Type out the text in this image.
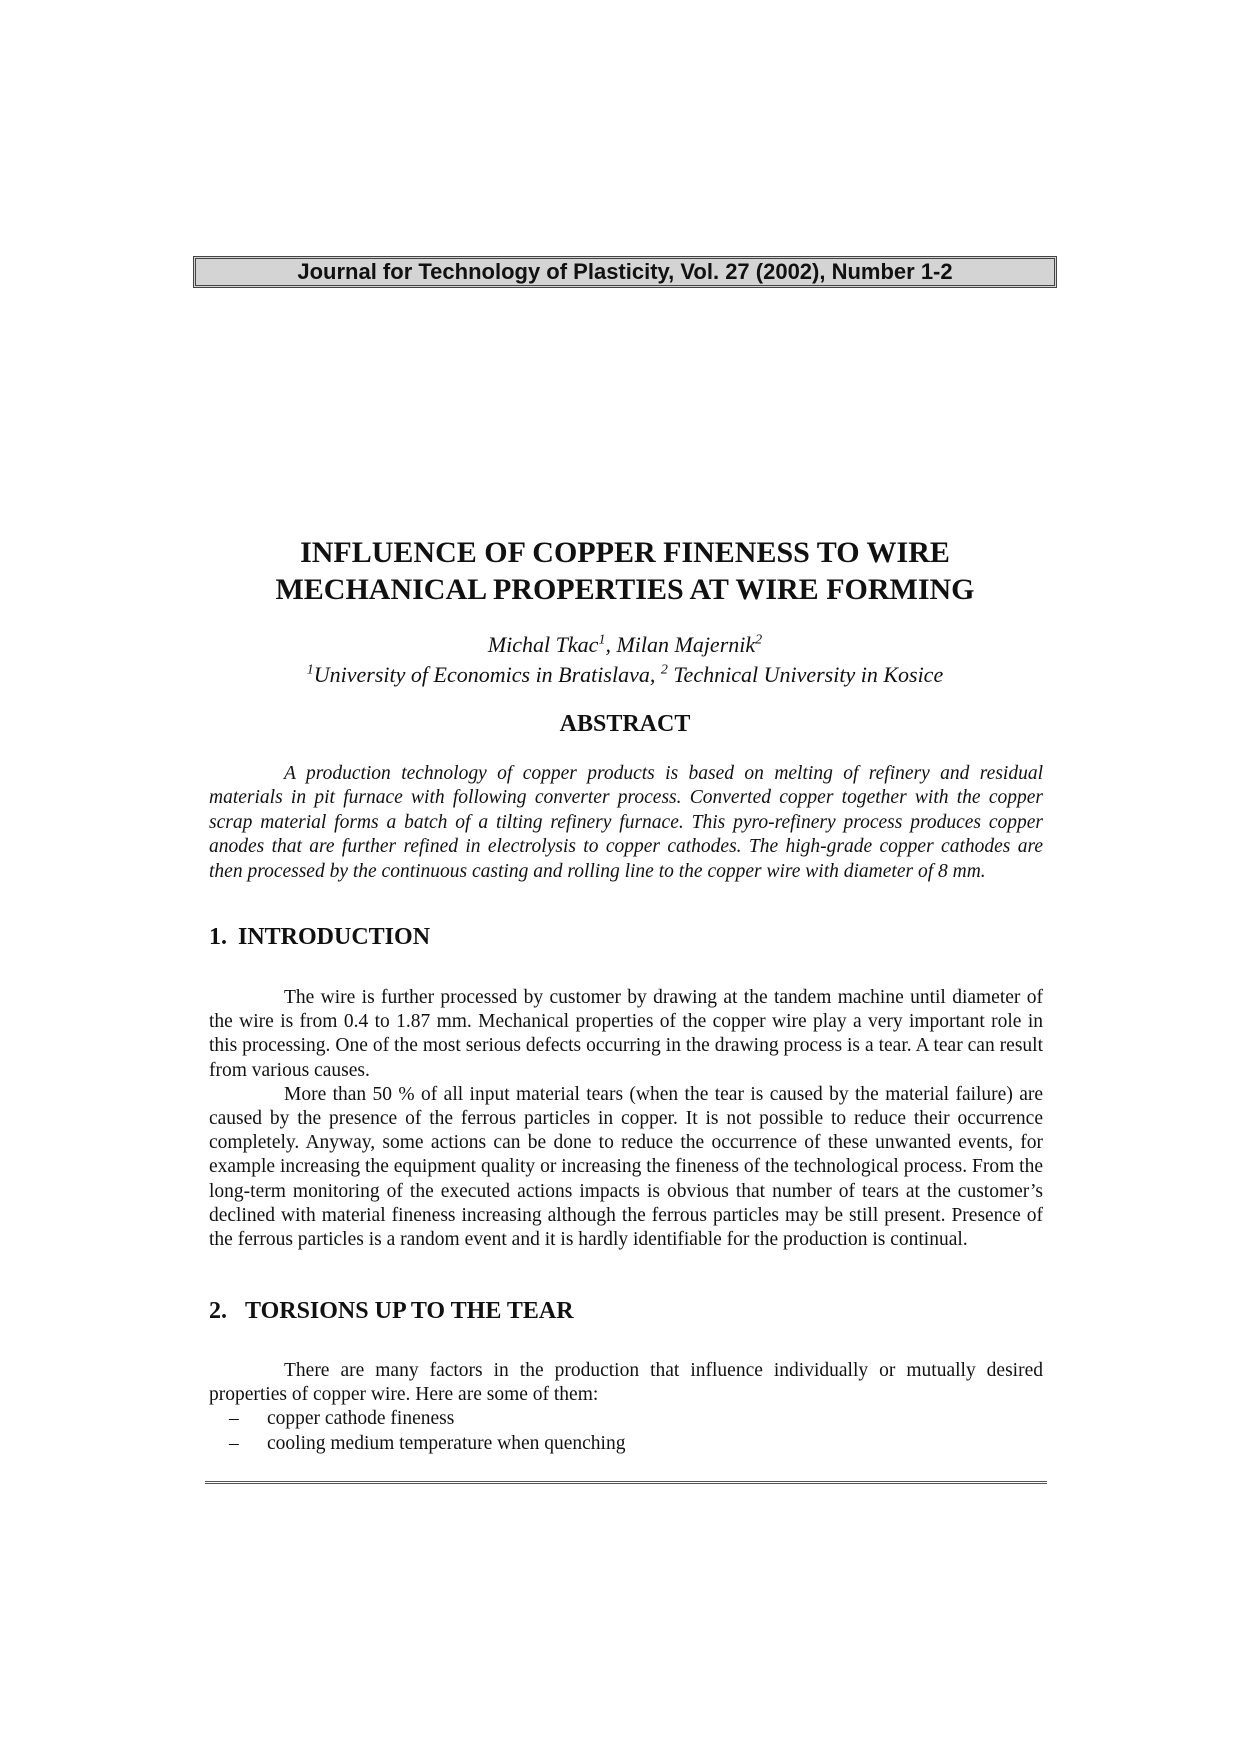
Journal for Technology of Plasticity, Vol. 27 (2002), Number 1-2
INFLUENCE OF COPPER FINENESS TO WIRE
MECHANICAL PROPERTIES AT WIRE FORMING
Michal Tkac$^1$, Milan Majernik$^2$
$^1$University of Economics in Bratislava, $^2$ Technical University in Kosice
ABSTRACT
A production technology of copper products is based on melting of refinery and residual materials in pit furnace with following converter process. Converted copper together with the copper scrap material forms a batch of a tilting refinery furnace. This pyro-refinery process produces copper anodes that are further refined in electrolysis to copper cathodes. The high-grade copper cathodes are then processed by the continuous casting and rolling line to the copper wire with diameter of 8 mm.
1. INTRODUCTION

The wire is further processed by customer by drawing at the tandem machine until diameter of the wire is from 0.4 to 1.87 mm. Mechanical properties of the copper wire play a very important role in this processing. One of the most serious defects occurring in the drawing process is a tear. A tear can result from various causes.

More than 50 % of all input material tears (when the tear is caused by the material failure) are caused by the presence of the ferrous particles in copper. It is not possible to reduce their occurrence completely. Anyway, some actions can be done to reduce the occurrence of these unwanted events, for example increasing the equipment quality or increasing the fineness of the technological process. From the long-term monitoring of the executed actions impacts is obvious that number of tears at the customer’s declined with material fineness increasing although the ferrous particles may be still present. Presence of the ferrous particles is a random event and it is hardly identifiable for the production is continual.

2. TORSIONS UP TO THE TEAR

There are many factors in the production that influence individually or mutually desired properties of copper wire. Here are some of them:

– copper cathode fineness
– cooling medium temperature when quenching
